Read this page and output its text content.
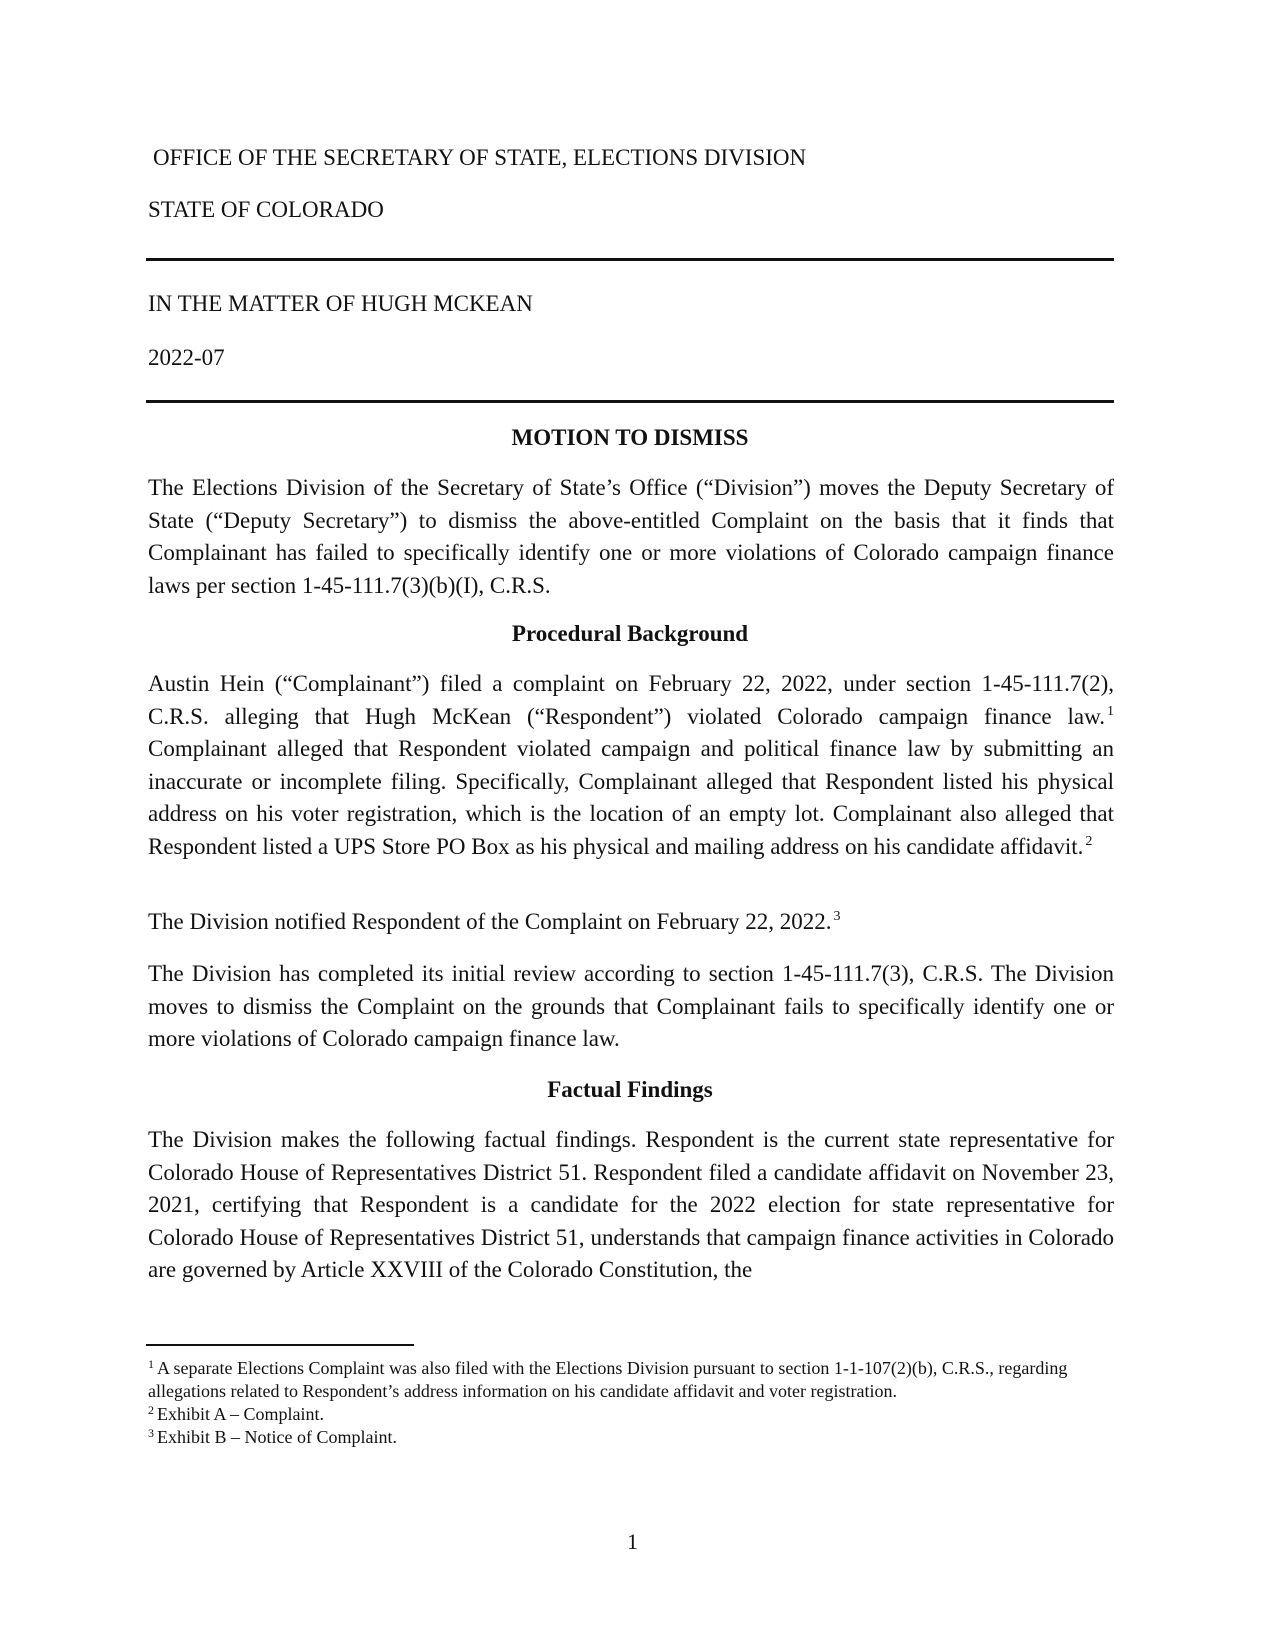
OFFICE OF THE SECRETARY OF STATE, ELECTIONS DIVISION
STATE OF COLORADO
IN THE MATTER OF HUGH MCKEAN
2022-07
MOTION TO DISMISS

The Elections Division of the Secretary of State’s Office (“Division”) moves the Deputy Secretary of State (“Deputy Secretary”) to dismiss the above-entitled Complaint on the basis that it finds that Complainant has failed to specifically identify one or more violations of Colorado campaign finance laws per section 1-45-111.7(3)(b)(I), C.R.S.

Procedural Background

Austin Hein (“Complainant”) filed a complaint on February 22, 2022, under section 1-45-111.7(2), C.R.S. alleging that Hugh McKean (“Respondent”) violated Colorado campaign finance law. $^1$ Complainant alleged that Respondent violated campaign and political finance law by submitting an inaccurate or incomplete filing. Specifically, Complainant alleged that Respondent listed his physical address on his voter registration, which is the location of an empty lot. Complainant also alleged that Respondent listed a UPS Store PO Box as his physical and mailing address on his candidate affidavit. $^2$

The Division notified Respondent of the Complaint on February 22, 2022. $^3$

The Division has completed its initial review according to section 1-45-111.7(3), C.R.S. The Division moves to dismiss the Complaint on the grounds that Complainant fails to specifically identify one or more violations of Colorado campaign finance law.

Factual Findings

The Division makes the following factual findings. Respondent is the current state representative for Colorado House of Representatives District 51. Respondent filed a candidate affidavit on November 23, 2021, certifying that Respondent is a candidate for the 2022 election for state representative for Colorado House of Representatives District 51, understands that campaign finance activities in Colorado are governed by Article XXVIII of the Colorado Constitution, the

$^1$ A separate Elections Complaint was also filed with the Elections Division pursuant to section 1-1-107(2)(b), C.R.S., regarding allegations related to Respondent’s address information on his candidate affidavit and voter registration.

$^2$ Exhibit A – Complaint.

$^3$ Exhibit B – Notice of Complaint.

1
